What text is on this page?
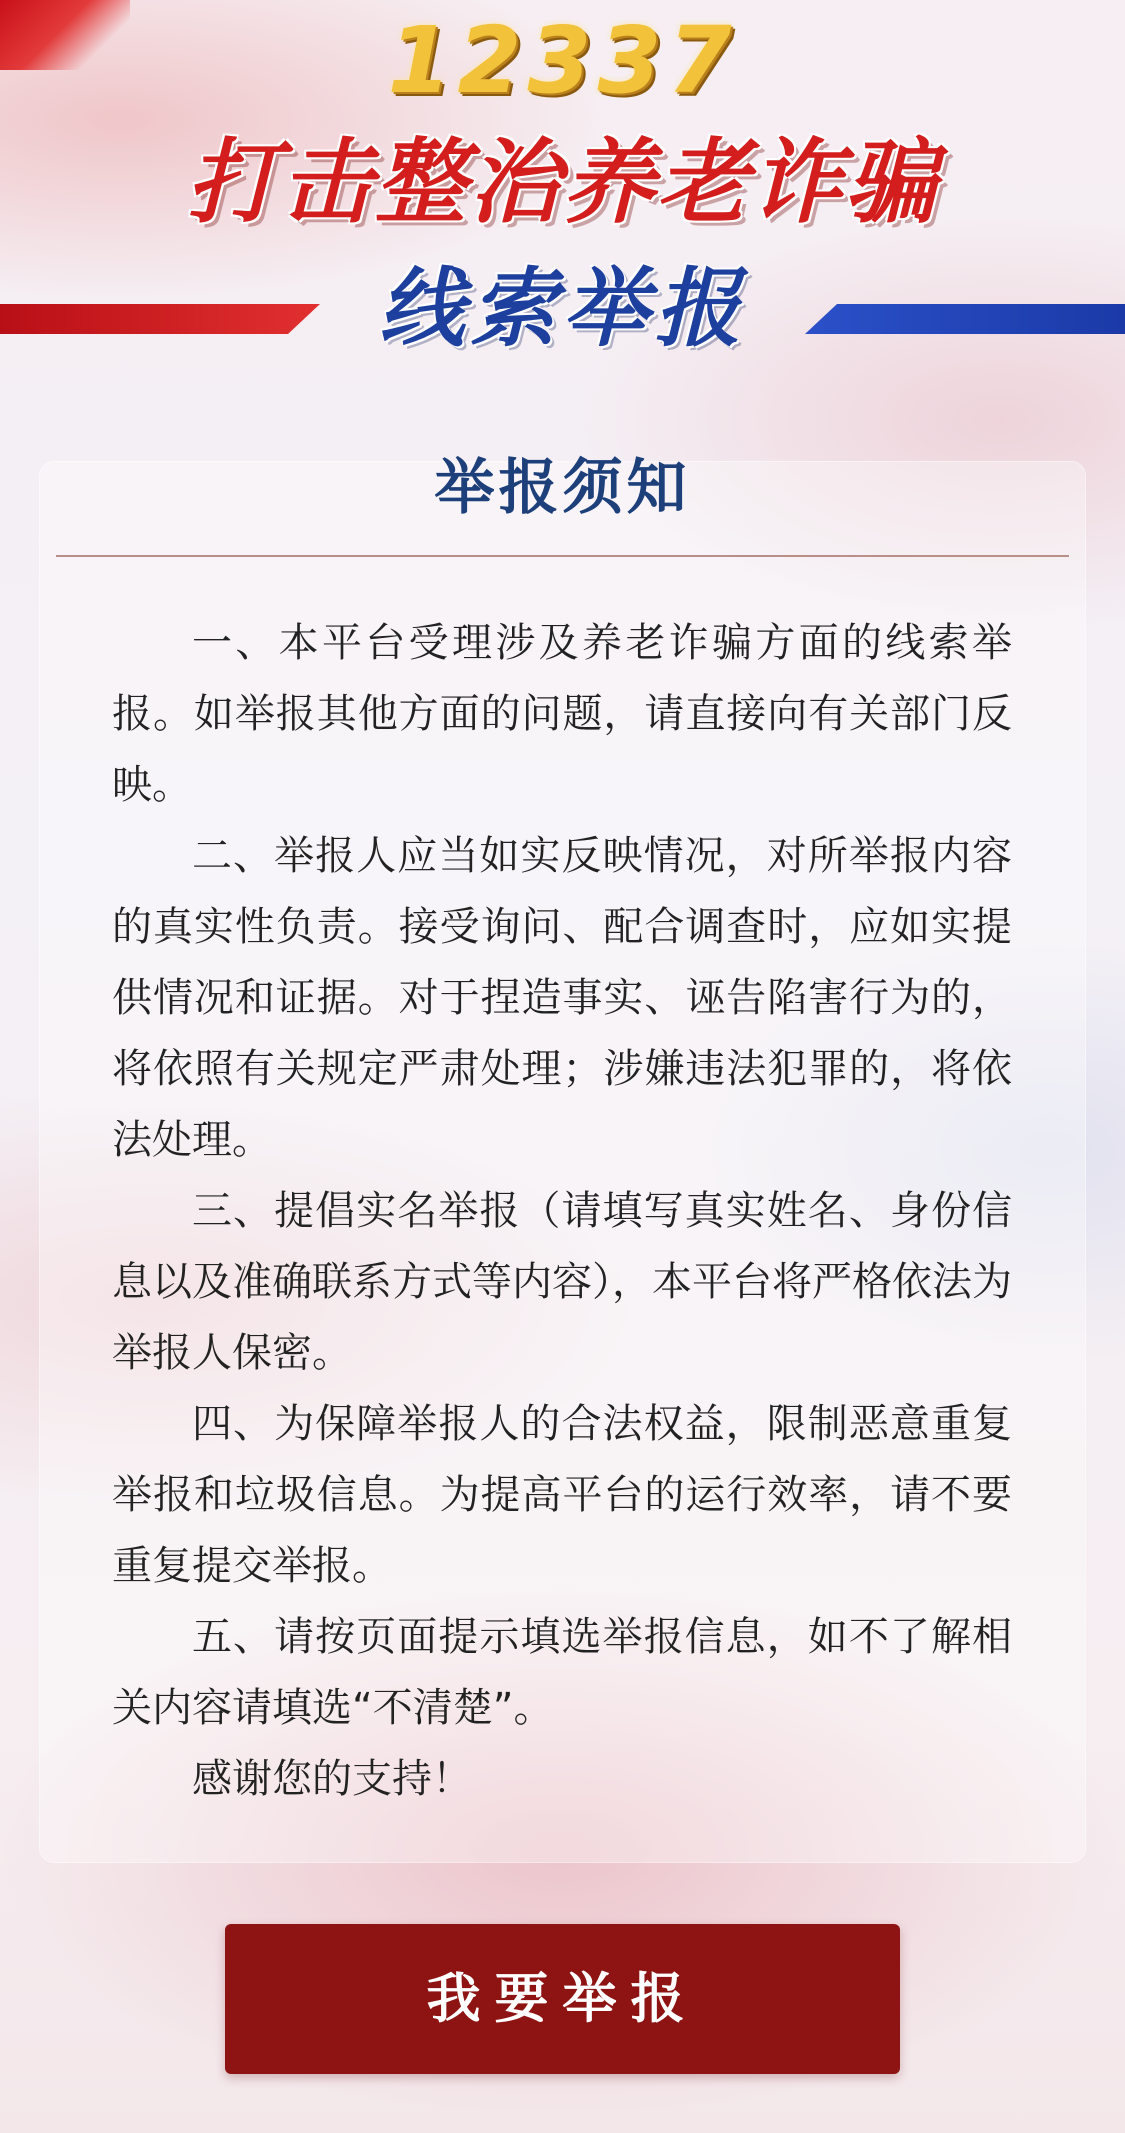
12337
打击整治养老诈骗
线索举报
举报须知

一、本平台受理涉及养老诈骗方面的线索举报。如举报其他方面的问题，请直接向有关部门反映。

二、举报人应当如实反映情况，对所举报内容的真实性负责。接受询问、配合调查时，应如实提供情况和证据。对于捏造事实、诬告陷害行为的，将依照有关规定严肃处理；涉嫌违法犯罪的，将依法处理。

三、提倡实名举报（请填写真实姓名、身份信息以及准确联系方式等内容），本平台将严格依法为举报人保密。

四、为保障举报人的合法权益，限制恶意重复举报和垃圾信息。为提高平台的运行效率，请不要重复提交举报。

五、请按页面提示填选举报信息，如不了解相关内容请填选“不清楚”。

感谢您的支持！

我要举报
